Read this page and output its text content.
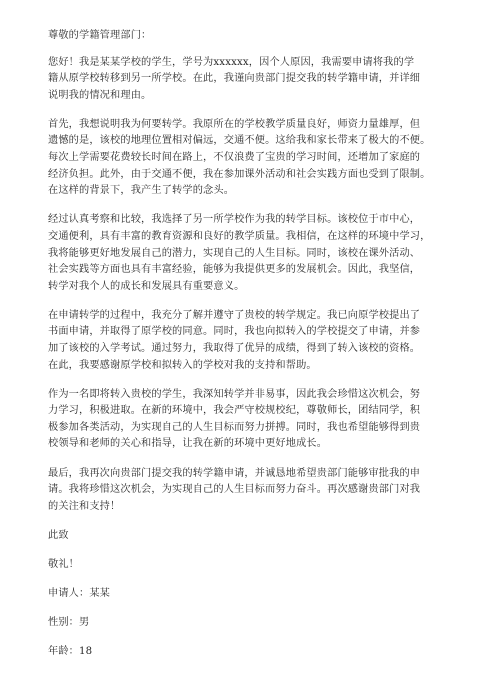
尊敬的学籍管理部门：
您好！我是某某学校的学生，学号为xxxxxx，因个人原因，我需要申请将我的学
籍从原学校转移到另一所学校。在此，我谨向贵部门提交我的转学籍申请，并详细
说明我的情况和理由。
首先，我想说明我为何要转学。我原所在的学校教学质量良好，师资力量雄厚，但
遗憾的是，该校的地理位置相对偏远，交通不便。这给我和家长带来了极大的不便。
每次上学需要花费较长时间在路上，不仅浪费了宝贵的学习时间，还增加了家庭的
经济负担。此外，由于交通不便，我在参加课外活动和社会实践方面也受到了限制。
在这样的背景下，我产生了转学的念头。
经过认真考察和比较，我选择了另一所学校作为我的转学目标。该校位于市中心，
交通便利，具有丰富的教育资源和良好的教学质量。我相信，在这样的环境中学习，
我将能够更好地发展自己的潜力，实现自己的人生目标。同时，该校在课外活动、
社会实践等方面也具有丰富经验，能够为我提供更多的发展机会。因此，我坚信，
转学对我个人的成长和发展具有重要意义。
在申请转学的过程中，我充分了解并遵守了贵校的转学规定。我已向原学校提出了
书面申请，并取得了原学校的同意。同时，我也向拟转入的学校提交了申请，并参
加了该校的入学考试。通过努力，我取得了优异的成绩，得到了转入该校的资格。
在此，我要感谢原学校和拟转入的学校对我的支持和帮助。
作为一名即将转入贵校的学生，我深知转学并非易事，因此我会珍惜这次机会，努
力学习，积极进取。在新的环境中，我会严守校规校纪，尊敬师长，团结同学，积
极参加各类活动，为实现自己的人生目标而努力拼搏。同时，我也希望能够得到贵
校领导和老师的关心和指导，让我在新的环境中更好地成长。
最后，我再次向贵部门提交我的转学籍申请，并诚恳地希望贵部门能够审批我的申
请。我将珍惜这次机会，为实现自己的人生目标而努力奋斗。再次感谢贵部门对我
的关注和支持！
此致
敬礼！
申请人：某某
性别：男
年龄：18
